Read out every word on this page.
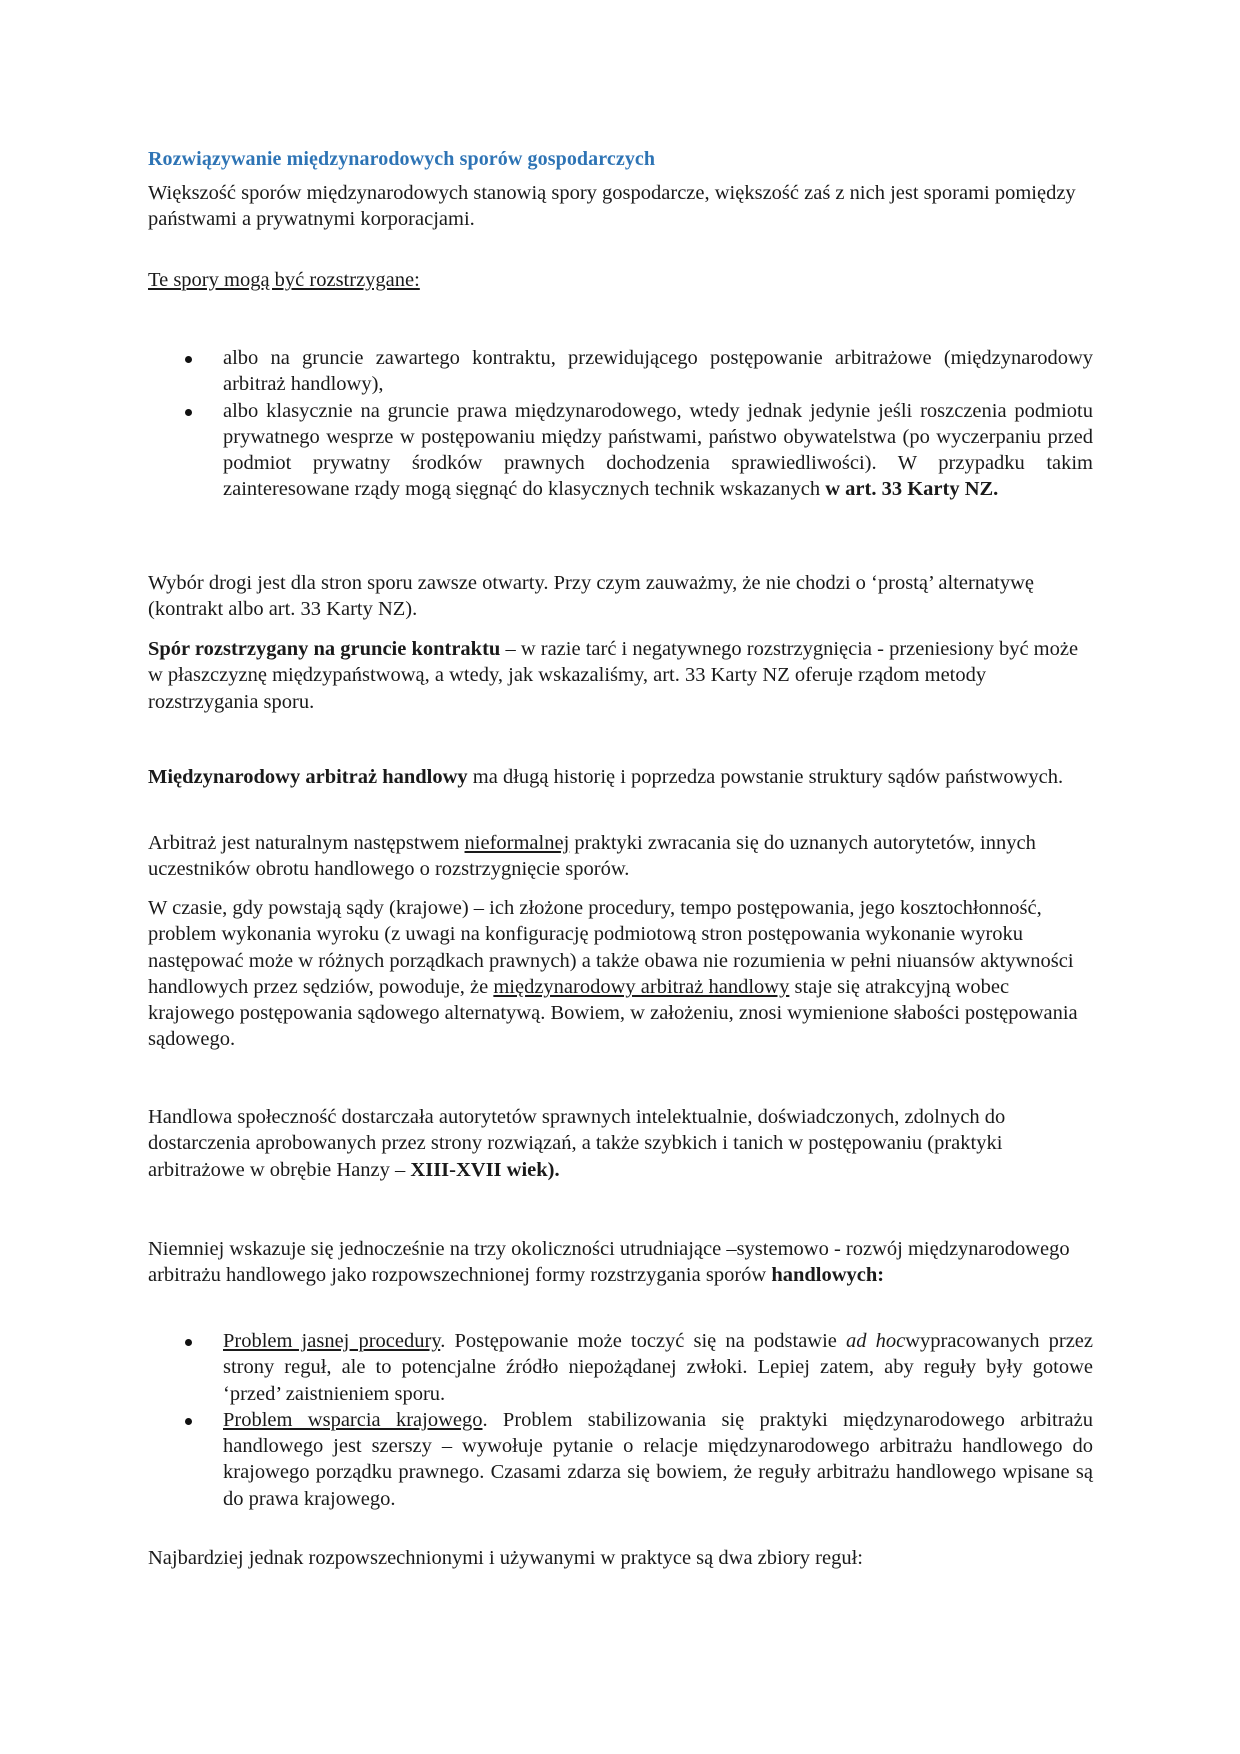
Rozwiązywanie międzynarodowych sporów gospodarczych

Większość sporów międzynarodowych stanowią spory gospodarcze, większość zaś z nich jest sporami pomiędzy państwami a prywatnymi korporacjami.

Te spory mogą być rozstrzygane:

albo na gruncie zawartego kontraktu, przewidującego postępowanie arbitrażowe (międzynarodowy arbitraż handlowy),
albo klasycznie na gruncie prawa międzynarodowego, wtedy jednak jedynie jeśli roszczenia podmiotu prywatnego wesprze w postępowaniu między państwami, państwo obywatelstwa (po wyczerpaniu przed podmiot prywatny środków prawnych dochodzenia sprawiedliwości). W przypadku takim zainteresowane rządy mogą sięgnąć do klasycznych technik wskazanych w art. 33 Karty NZ.

Wybór drogi jest dla stron sporu zawsze otwarty. Przy czym zauważmy, że nie chodzi o ‘prostą’ alternatywę (kontrakt albo art. 33 Karty NZ).

Spór rozstrzygany na gruncie kontraktu – w razie tarć i negatywnego rozstrzygnięcia - przeniesiony być może w płaszczyznę międzypaństwową, a wtedy, jak wskazaliśmy, art. 33 Karty NZ oferuje rządom metody rozstrzygania sporu.

Międzynarodowy arbitraż handlowy ma długą historię i poprzedza powstanie struktury sądów państwowych.

Arbitraż jest naturalnym następstwem nieformalnej praktyki zwracania się do uznanych autorytetów, innych uczestników obrotu handlowego o rozstrzygnięcie sporów.

W czasie, gdy powstają sądy (krajowe) – ich złożone procedury, tempo postępowania, jego kosztochłonność, problem wykonania wyroku (z uwagi na konfigurację podmiotową stron postępowania wykonanie wyroku następować może w różnych porządkach prawnych) a także obawa nie rozumienia w pełni niuansów aktywności handlowych przez sędziów, powoduje, że międzynarodowy arbitraż handlowy staje się atrakcyjną wobec krajowego postępowania sądowego alternatywą. Bowiem, w założeniu, znosi wymienione słabości postępowania sądowego.

Handlowa społeczność dostarczała autorytetów sprawnych intelektualnie, doświadczonych, zdolnych do dostarczenia aprobowanych przez strony rozwiązań, a także szybkich i tanich w postępowaniu (praktyki arbitrażowe w obrębie Hanzy – XIII-XVII wiek).

Niemniej wskazuje się jednocześnie na trzy okoliczności utrudniające –systemowo - rozwój międzynarodowego arbitrażu handlowego jako rozpowszechnionej formy rozstrzygania sporów handlowych:

Problem jasnej procedury. Postępowanie może toczyć się na podstawie ad hocwypracowanych przez strony reguł, ale to potencjalne źródło niepożądanej zwłoki. Lepiej zatem, aby reguły były gotowe ‘przed’ zaistnieniem sporu.
Problem wsparcia krajowego. Problem stabilizowania się praktyki międzynarodowego arbitrażu handlowego jest szerszy – wywołuje pytanie o relacje międzynarodowego arbitrażu handlowego do krajowego porządku prawnego. Czasami zdarza się bowiem, że reguły arbitrażu handlowego wpisane są do prawa krajowego.

Najbardziej jednak rozpowszechnionymi i używanymi w praktyce są dwa zbiory reguł:
